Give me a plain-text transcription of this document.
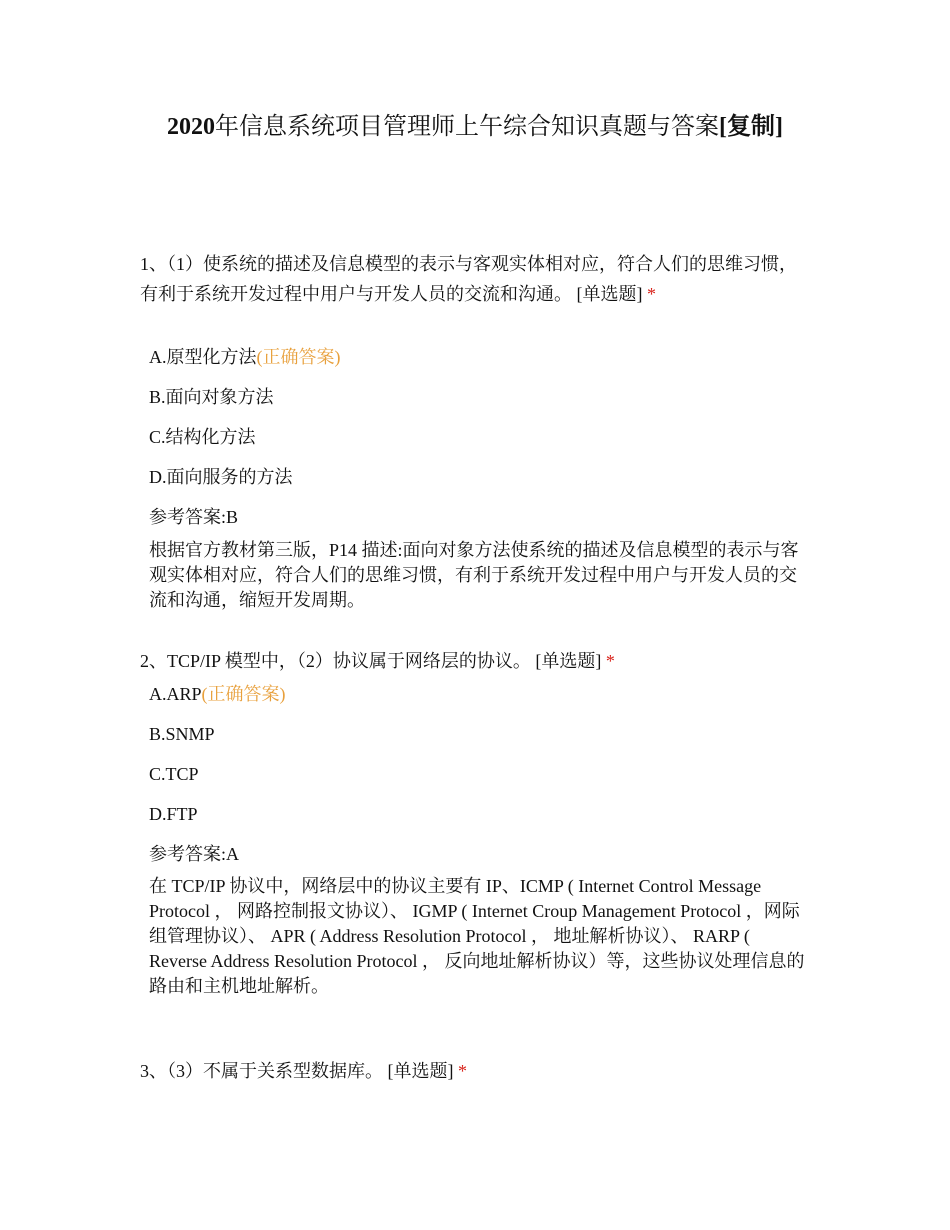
2020年信息系统项目管理师上午综合知识真题与答案[复制]

1、（1）使系统的描述及信息模型的表示与客观实体相对应，符合人们的思维习惯，有利于系统开发过程中用户与开发人员的交流和沟通。 [单选题] *

A.原型化方法(正确答案)
B.面向对象方法
C.结构化方法
D.面向服务的方法
参考答案:B

根据官方教材第三版，P14 描述:面向对象方法使系统的描述及信息模型的表示与客观实体相对应，符合人们的思维习惯，有利于系统开发过程中用户与开发人员的交流和沟通，缩短开发周期。

2、TCP/IP 模型中，（2）协议属于网络层的协议。 [单选题] *

A.ARP(正确答案)
B.SNMP
C.TCP
D.FTP
参考答案:A

在 TCP/IP 协议中，网络层中的协议主要有 IP、ICMP ( Internet Control Message Protocol ， 网路控制报文协议）、 IGMP ( Internet Croup Management Protocol ，网际组管理协议）、 APR ( Address Resolution Protocol ， 地址解析协议）、 RARP ( Reverse Address Resolution Protocol ， 反向地址解析协议）等，这些协议处理信息的路由和主机地址解析。

3、（3）不属于关系型数据库。 [单选题] *
